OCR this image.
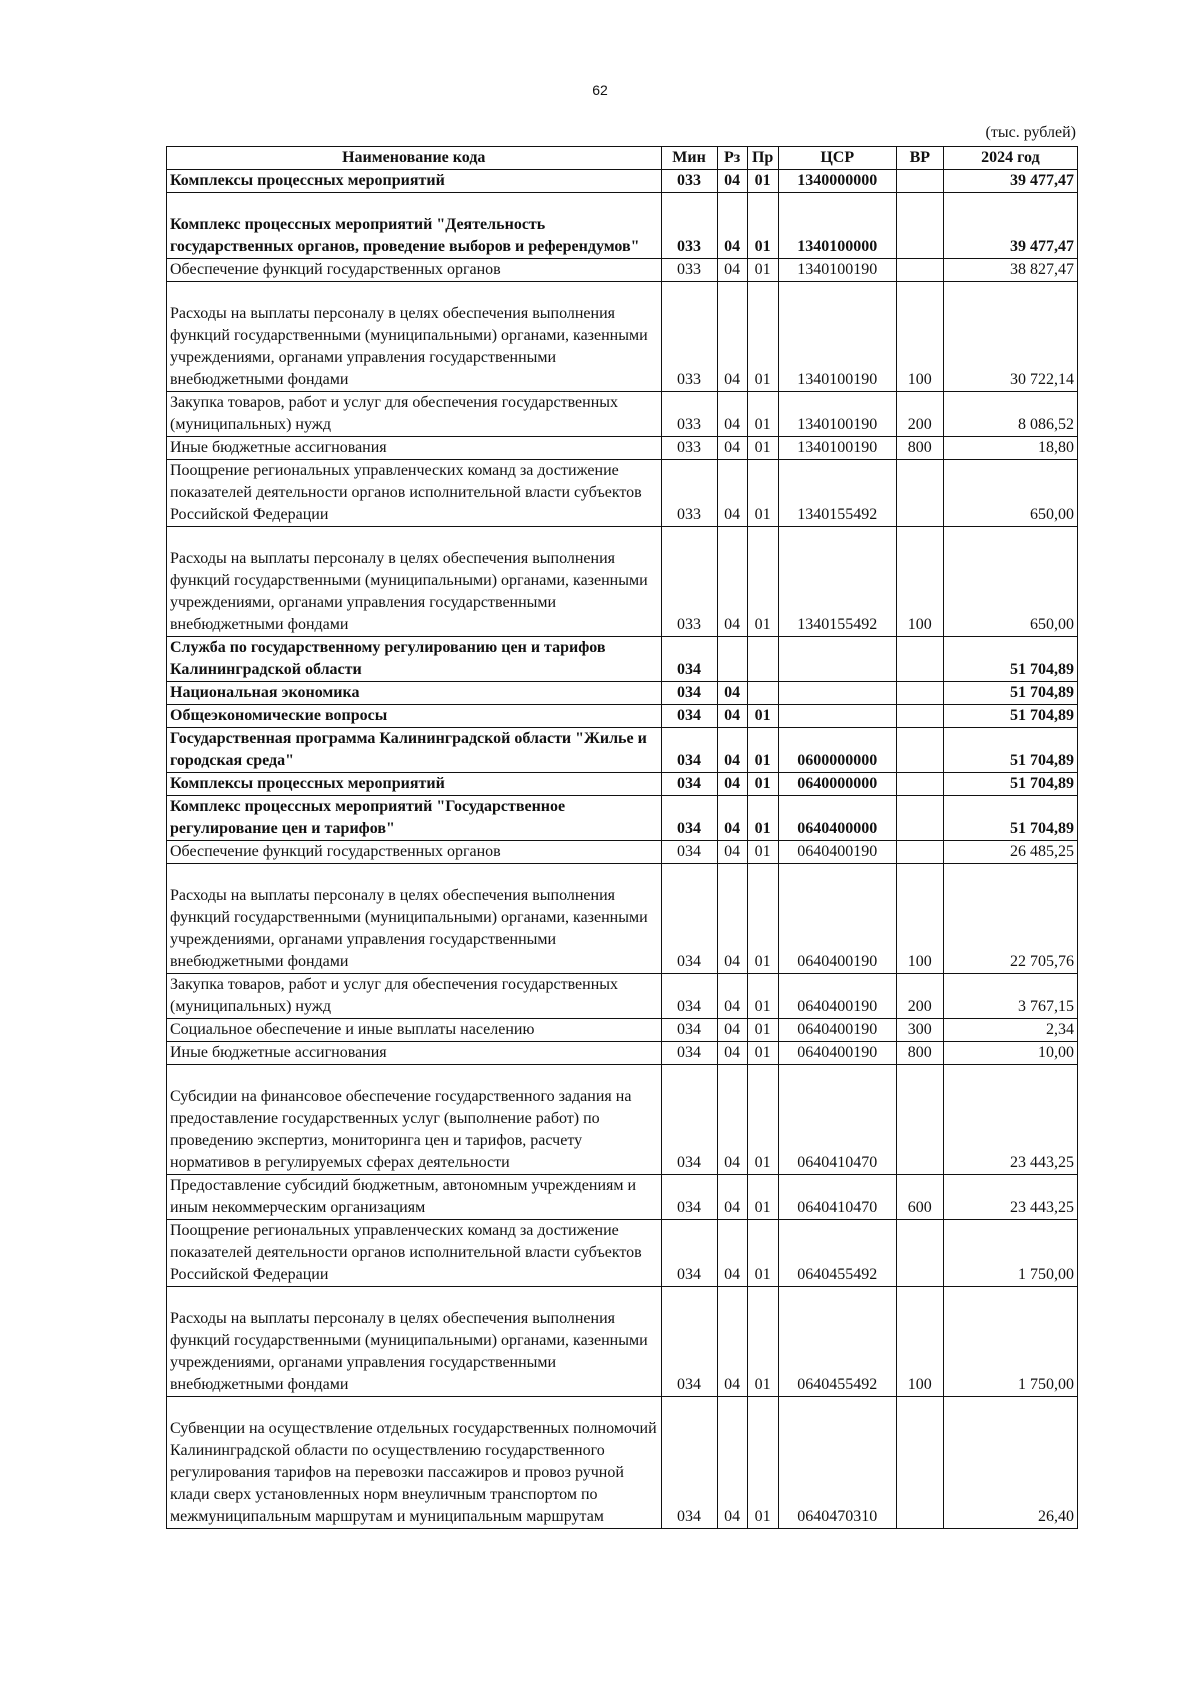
62
(тыс. рублей)
Наименование кода	Мин	Рз	Пр	ЦСР	ВР	2024 год
Комплексы процессных мероприятий	033	04	01	1340000000		39 477,47
Комплекс процессных мероприятий "Деятельность государственных органов, проведение выборов и референдумов"	033	04	01	1340100000		39 477,47
Обеспечение функций государственных органов	033	04	01	1340100190		38 827,47
Расходы на выплаты персоналу в целях обеспечения выполнения функций государственными (муниципальными) органами, казенными учреждениями, органами управления государственными внебюджетными фондами	033	04	01	1340100190	100	30 722,14
Закупка товаров, работ и услуг для обеспечения государственных (муниципальных) нужд	033	04	01	1340100190	200	8 086,52
Иные бюджетные ассигнования	033	04	01	1340100190	800	18,80
Поощрение региональных управленческих команд за достижение показателей деятельности органов исполнительной власти субъектов Российской Федерации	033	04	01	1340155492		650,00
Расходы на выплаты персоналу в целях обеспечения выполнения функций государственными (муниципальными) органами, казенными учреждениями, органами управления государственными внебюджетными фондами	033	04	01	1340155492	100	650,00
Служба по государственному регулированию цен и тарифов Калининградской области	034					51 704,89
Национальная экономика	034	04				51 704,89
Общеэкономические вопросы	034	04	01			51 704,89
Государственная программа Калининградской области "Жилье и городская среда"	034	04	01	0600000000		51 704,89
Комплексы процессных мероприятий	034	04	01	0640000000		51 704,89
Комплекс процессных мероприятий "Государственное регулирование цен и тарифов"	034	04	01	0640400000		51 704,89
Обеспечение функций государственных органов	034	04	01	0640400190		26 485,25
Расходы на выплаты персоналу в целях обеспечения выполнения функций государственными (муниципальными) органами, казенными учреждениями, органами управления государственными внебюджетными фондами	034	04	01	0640400190	100	22 705,76
Закупка товаров, работ и услуг для обеспечения государственных (муниципальных) нужд	034	04	01	0640400190	200	3 767,15
Социальное обеспечение и иные выплаты населению	034	04	01	0640400190	300	2,34
Иные бюджетные ассигнования	034	04	01	0640400190	800	10,00
Субсидии на финансовое обеспечение государственного задания на предоставление государственных услуг (выполнение работ) по проведению экспертиз, мониторинга цен и тарифов, расчету нормативов в регулируемых сферах деятельности	034	04	01	0640410470		23 443,25
Предоставление субсидий бюджетным, автономным учреждениям и иным некоммерческим организациям	034	04	01	0640410470	600	23 443,25
Поощрение региональных управленческих команд за достижение показателей деятельности органов исполнительной власти субъектов Российской Федерации	034	04	01	0640455492		1 750,00
Расходы на выплаты персоналу в целях обеспечения выполнения функций государственными (муниципальными) органами, казенными учреждениями, органами управления государственными внебюджетными фондами	034	04	01	0640455492	100	1 750,00
Субвенции на осуществление отдельных государственных полномочий Калининградской области по осуществлению государственного регулирования тарифов на перевозки пассажиров и провоз ручной клади сверх установленных норм внеуличным транспортом по межмуниципальным маршрутам и муниципальным маршрутам	034	04	01	0640470310		26,40
